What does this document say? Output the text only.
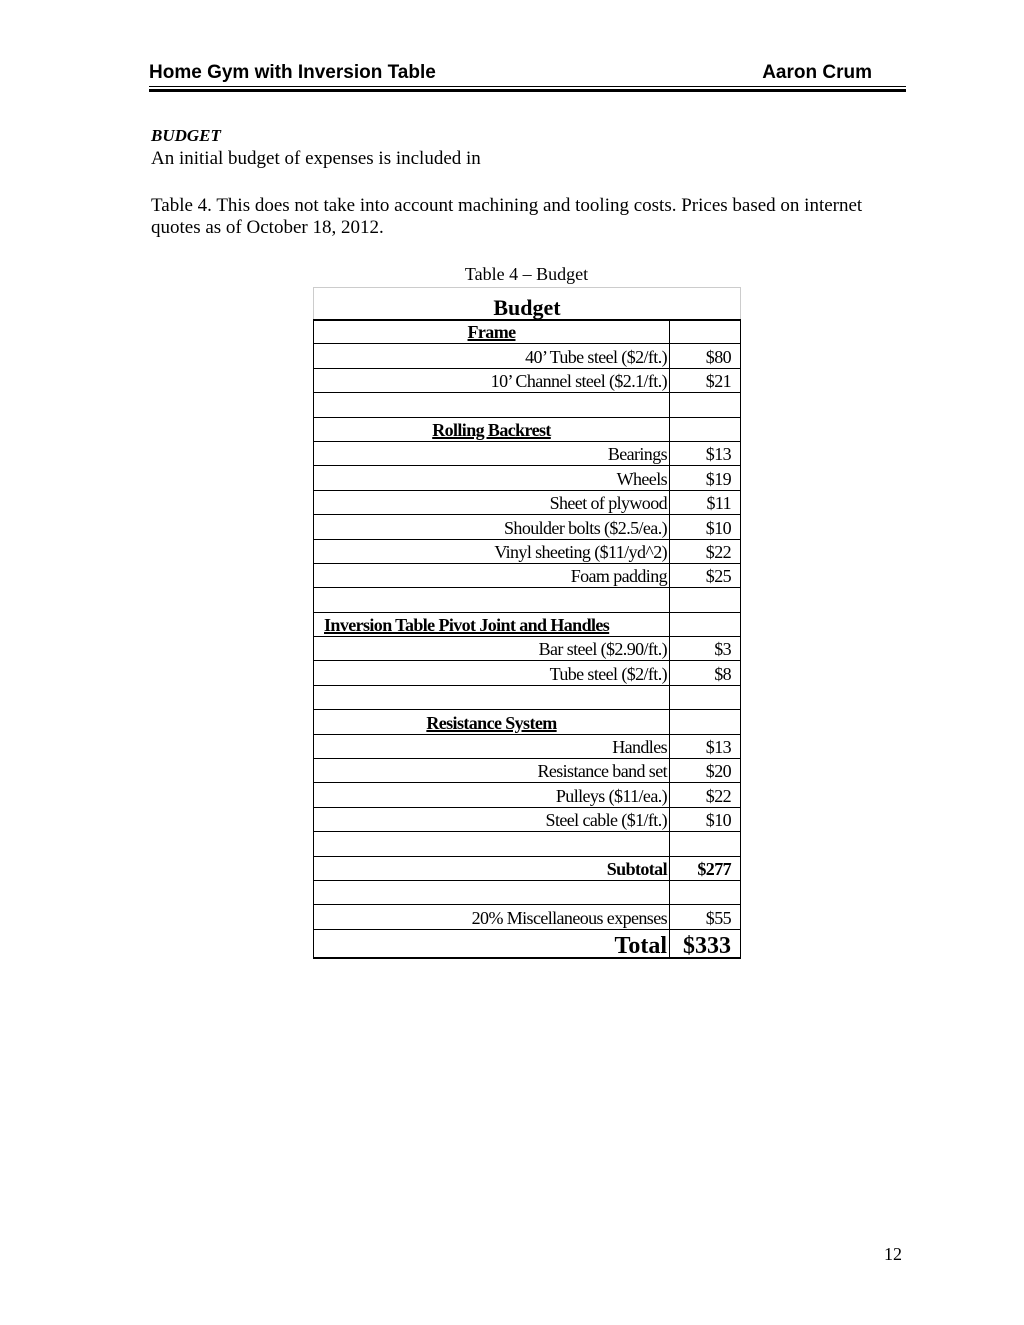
Home Gym with Inversion Table	Aaron Crum
BUDGET
An initial budget of expenses is included in
Table 4. This does not take into account machining and tooling costs. Prices based on internet quotes as of October 18, 2012.
Table 4 – Budget
Budget	
Frame	
40’ Tube steel ($2/ft.)	$80
10’ Channel steel ($2.1/ft.)	$21

Rolling Backrest	
Bearings	$13
Wheels	$19
Sheet of plywood	$11
Shoulder bolts ($2.5/ea.)	$10
Vinyl sheeting ($11/yd^2)	$22
Foam padding	$25

Inversion Table Pivot Joint and Handles	
Bar steel ($2.90/ft.)	$3
Tube steel ($2/ft.)	$8

Resistance System	
Handles	$13
Resistance band set	$20
Pulleys ($11/ea.)	$22
Steel cable ($1/ft.)	$10

Subtotal	$277

20% Miscellaneous expenses	$55
Total	$333
12
